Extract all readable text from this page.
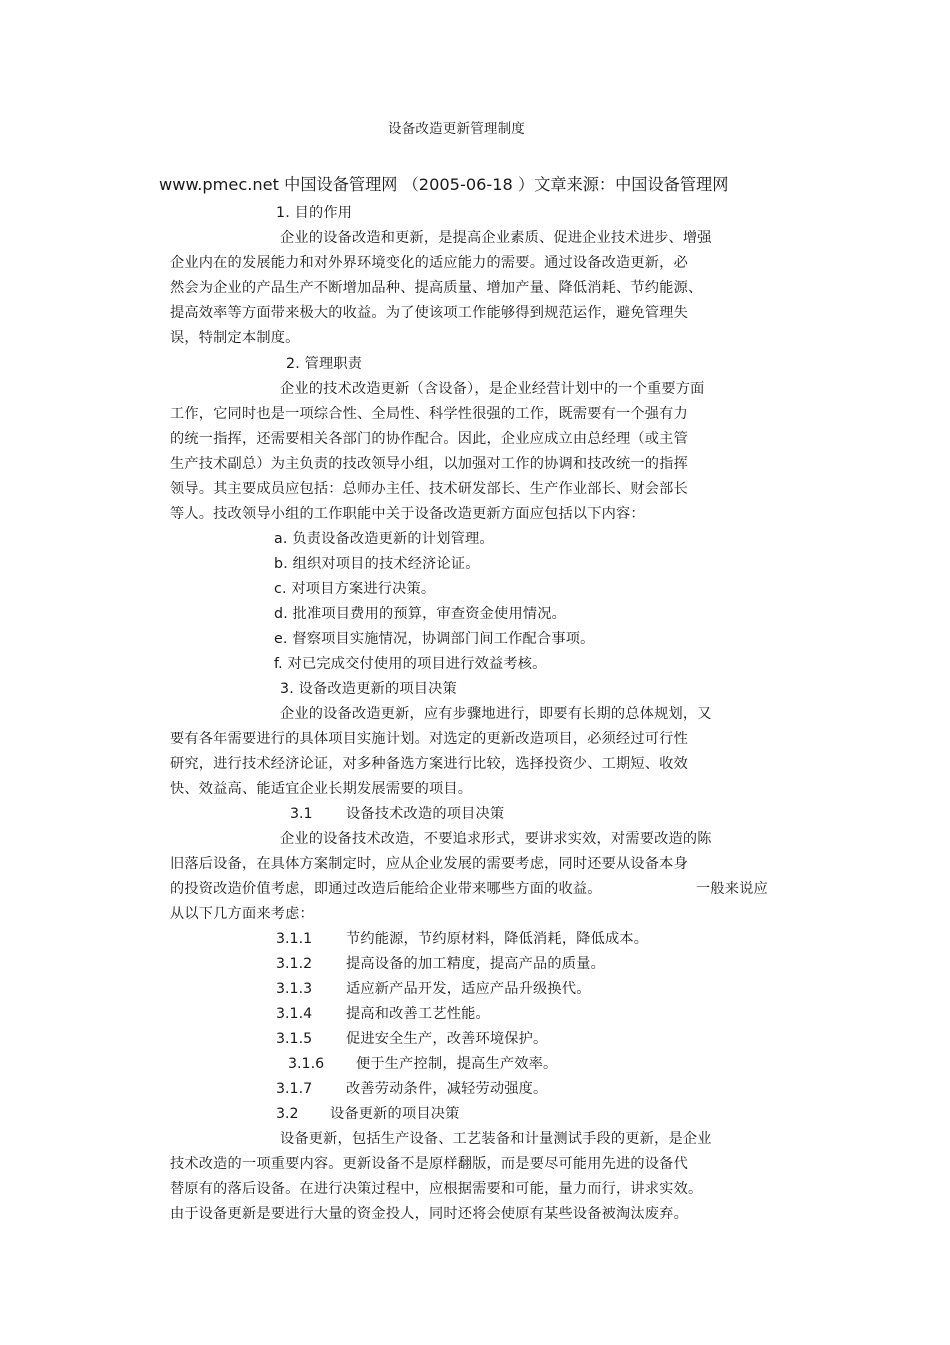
设备改造更新管理制度
www.pmec.net 中国设备管理网 （2005-06-18 ）文章来源：中国设备管理网
1. 目的作用
企业的设备改造和更新，是提高企业素质、促进企业技术进步、增强
企业内在的发展能力和对外界环境变化的适应能力的需要。通过设备改造更新，必
然会为企业的产品生产不断增加品种、提高质量、增加产量、降低消耗、节约能源、
提高效率等方面带来极大的收益。为了使该项工作能够得到规范运作，避免管理失
误，特制定本制度。
2. 管理职责
企业的技术改造更新（含设备），是企业经营计划中的一个重要方面
工作，它同时也是一项综合性、全局性、科学性很强的工作，既需要有一个强有力
的统一指挥，还需要相关各部门的协作配合。因此，企业应成立由总经理（或主管
生产技术副总）为主负责的技改领导小组，以加强对工作的协调和技改统一的指挥
领导。其主要成员应包括：总师办主任、技术研发部长、生产作业部长、财会部长
等人。技改领导小组的工作职能中关于设备改造更新方面应包括以下内容：
a. 负责设备改造更新的计划管理。
b. 组织对项目的技术经济论证。
c. 对项目方案进行决策。
d. 批准项目费用的预算，审查资金使用情况。
e. 督察项目实施情况，协调部门间工作配合事项。
f. 对已完成交付使用的项目进行效益考核。
3. 设备改造更新的项目决策
企业的设备改造更新，应有步骤地进行，即要有长期的总体规划，又
要有各年需要进行的具体项目实施计划。对选定的更新改造项目，必须经过可行性
研究，进行技术经济论证，对多种备选方案进行比较，选择投资少、工期短、收效
快、效益高、能适宜企业长期发展需要的项目。
3.1 设备技术改造的项目决策
企业的设备技术改造，不要追求形式，要讲求实效，对需要改造的陈
旧落后设备，在具体方案制定时，应从企业发展的需要考虑，同时还要从设备本身
的投资改造价值考虑，即通过改造后能给企业带来哪些方面的收益。	一般来说应
从以下几方面来考虑：
3.1.1 节约能源，节约原材料，降低消耗，降低成本。
3.1.2 提高设备的加工精度，提高产品的质量。
3.1.3 适应新产品开发，适应产品升级换代。
3.1.4 提高和改善工艺性能。
3.1.5 促进安全生产，改善环境保护。
3.1.6 便于生产控制，提高生产效率。
3.1.7 改善劳动条件，减轻劳动强度。
3.2 设备更新的项目决策
设备更新，包括生产设备、工艺装备和计量测试手段的更新，是企业
技术改造的一项重要内容。更新设备不是原样翻版，而是要尽可能用先进的设备代
替原有的落后设备。在进行决策过程中，应根据需要和可能，量力而行，讲求实效。
由于设备更新是要进行大量的资金投人，同时还将会使原有某些设备被淘汰废弃。
